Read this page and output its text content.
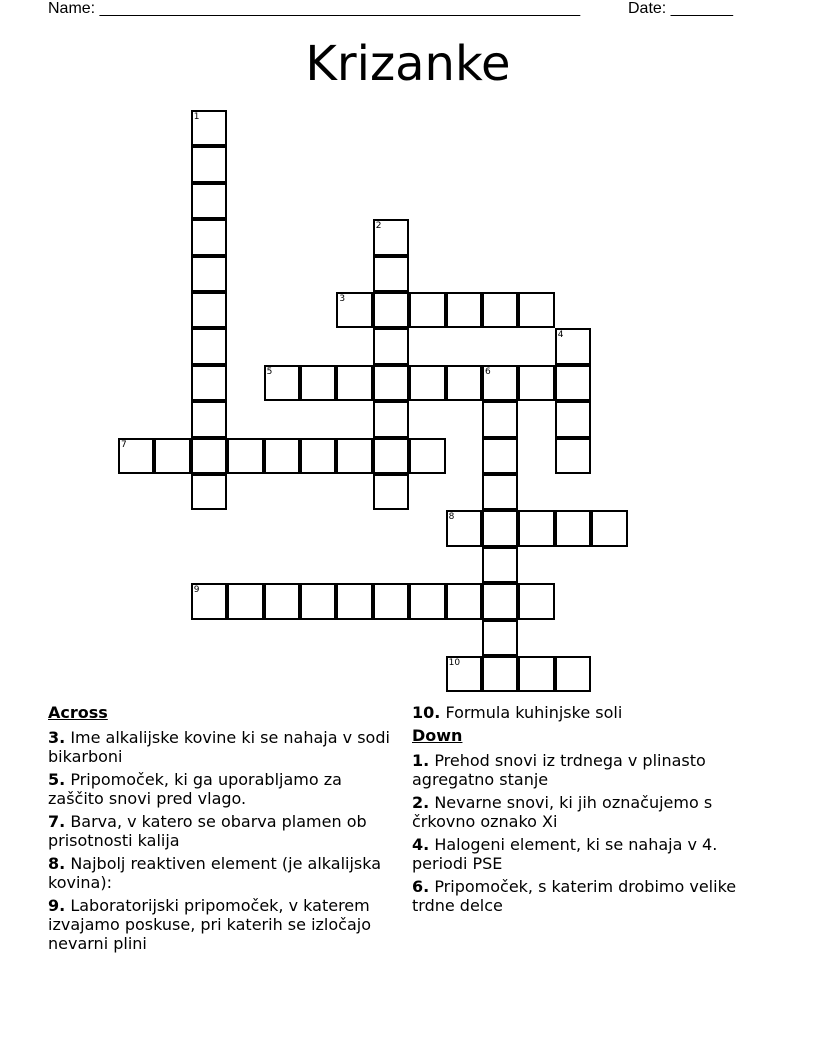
Name: ______________________________________________________	Date: _______
Krizanke
1
2
3
4
5	6
7
8
9
10
Across
3. Ime alkalijske kovine ki se nahaja v sodi bikarboni
5. Pripomoček, ki ga uporabljamo za zaščito snovi pred vlago.
7. Barva, v katero se obarva plamen ob prisotnosti kalija
8. Najbolj reaktiven element (je alkalijska kovina):
9. Laboratorijski pripomoček, v katerem izvajamo poskuse, pri katerih se izločajo nevarni plini
10. Formula kuhinjske soli
Down
1. Prehod snovi iz trdnega v plinasto agregatno stanje
2. Nevarne snovi, ki jih označujemo s črkovno oznako Xi
4. Halogeni element, ki se nahaja v 4. periodi PSE
6. Pripomoček, s katerim drobimo velike trdne delce
